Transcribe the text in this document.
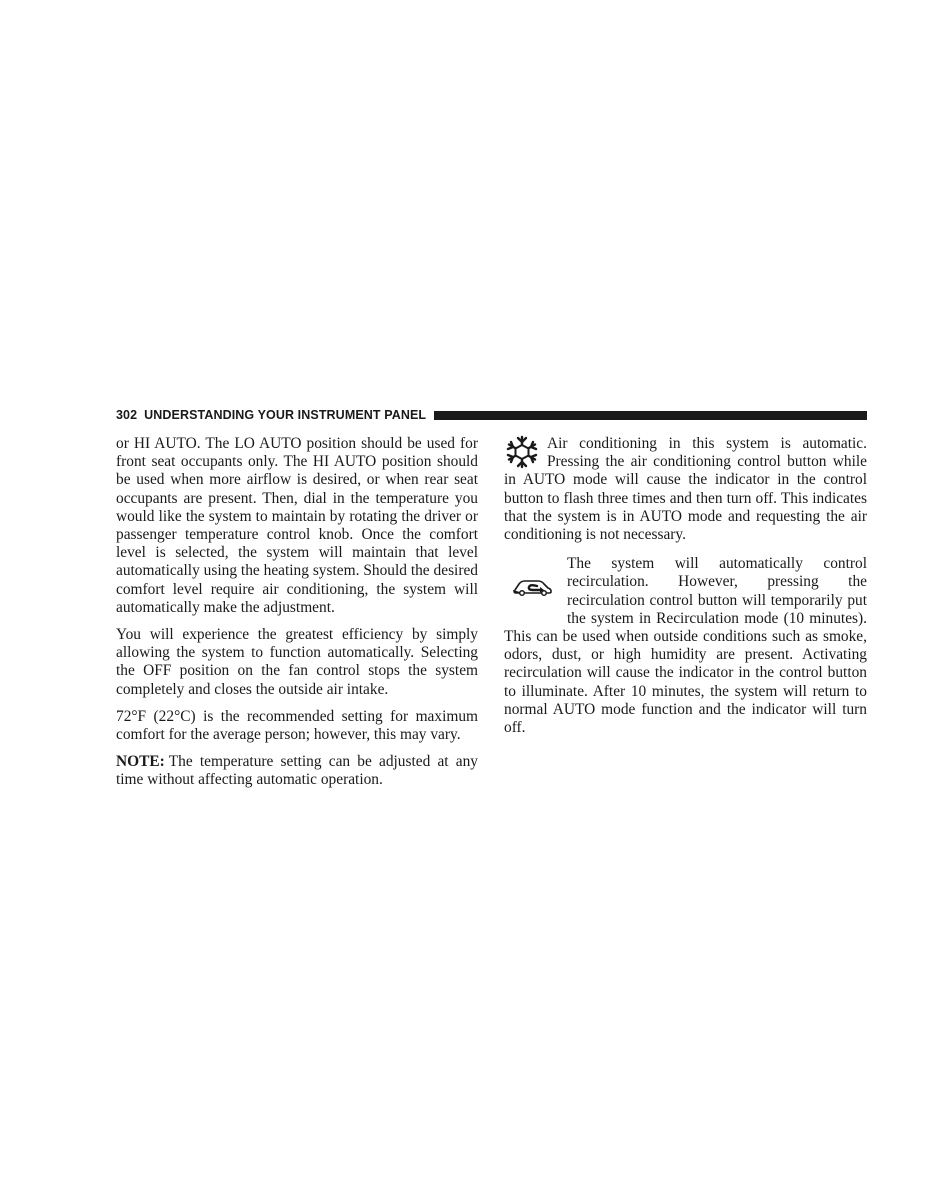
302 UNDERSTANDING YOUR INSTRUMENT PANEL

or HI AUTO. The LO AUTO position should be used for front seat occupants only. The HI AUTO position should be used when more airflow is desired, or when rear seat occupants are present. Then, dial in the temperature you would like the system to maintain by rotating the driver or passenger temperature control knob. Once the comfort level is selected, the system will maintain that level automatically using the heating system. Should the desired comfort level require air conditioning, the system will automatically make the adjustment.

You will experience the greatest efficiency by simply allowing the system to function automatically. Selecting the OFF position on the fan control stops the system completely and closes the outside air intake.

72°F (22°C) is the recommended setting for maximum comfort for the average person; however, this may vary.

NOTE: The temperature setting can be adjusted at any time without affecting automatic operation.

Air conditioning in this system is automatic. Pressing the air conditioning control button while in AUTO mode will cause the indicator in the control button to flash three times and then turn off. This indicates that the system is in AUTO mode and requesting the air conditioning is not necessary.
The system will automatically control recirculation. However, pressing the recirculation control button will temporarily put the system in Recirculation mode (10 minutes). This can be used when outside conditions such as smoke, odors, dust, or high humidity are present. Activating recirculation will cause the indicator in the control button to illuminate. After 10 minutes, the system will return to normal AUTO mode function and the indicator will turn off.
